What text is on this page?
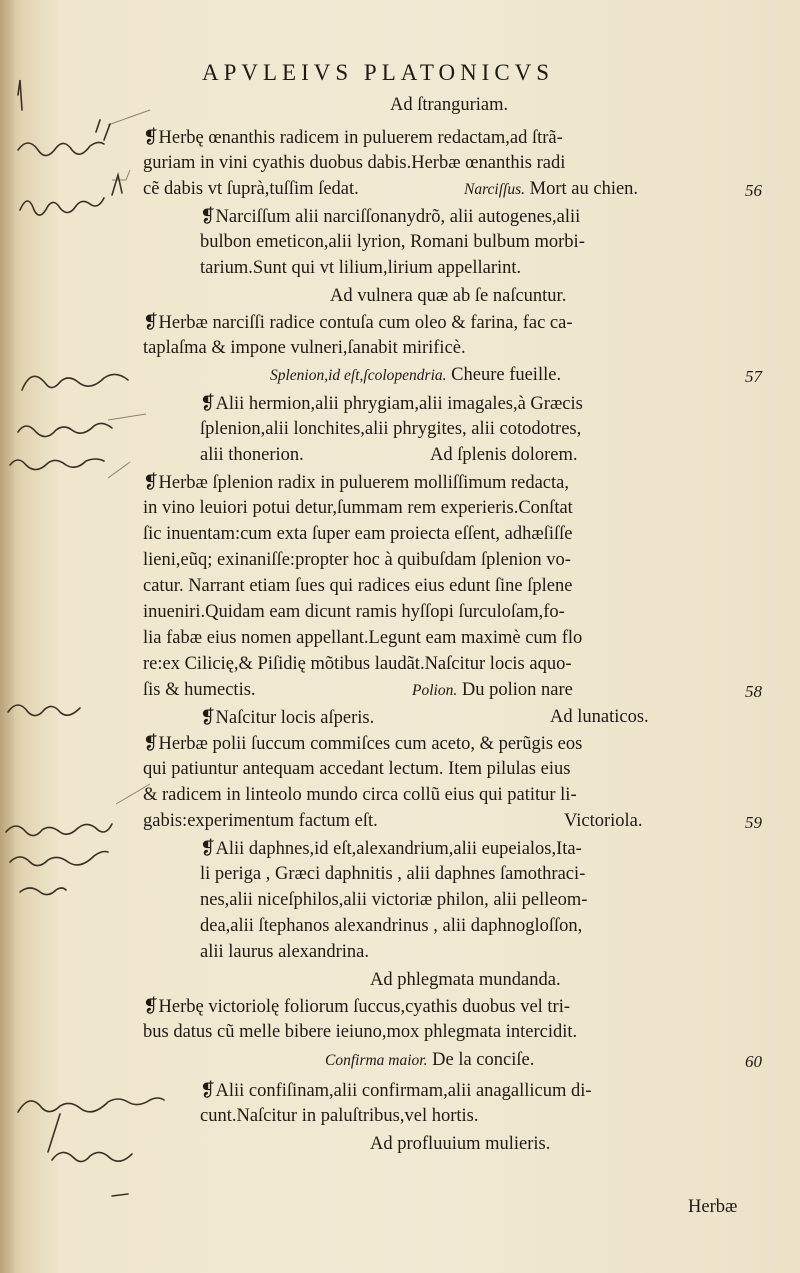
APVLEIVS PLATONICVS
Ad ſtranguriam.
❡Herbę œnanthis radicem in puluerem redactam,ad ſtrã-
guriam in vini cyathis duobus dabis.Herbæ œnanthis radi
cẽ dabis vt ſuprà,tuſſim ſedat.
❡Narciſſum alii narciſſonanydrõ, alii autogenes,alii
bulbon emeticon,alii lyrion, Romani bulbum morbi-
tarium.Sunt qui vt lilium,lirium appellarint.
Ad vulnera quæ ab ſe naſcuntur.
❡Herbæ narciſſi radice contuſa cum oleo & farina, fac ca-
taplaſma & impone vulneri,ſanabit mirificè.
❡Alii hermion,alii phrygiam,alii imagales,à Græcis
ſplenion,alii lonchites,alii phrygites, alii cotodotres,
alii thonerion.	Ad ſplenis dolorem.
❡Herbæ ſplenion radix in puluerem molliſſimum redacta,
in vino leuiori potui detur,ſummam rem experieris.Conſtat
ſic inuentam:cum exta ſuper eam proiecta eſſent, adhæſiſſe
lieni,eũq; exinaniſſe:propter hoc à quibuſdam ſplenion vo-
catur. Narrant etiam ſues qui radices eius edunt ſine ſplene
inueniri.Quidam eam dicunt ramis hyſſopi ſurculoſam,fo-
lia fabæ eius nomen appellant.Legunt eam maximè cum flo
re:ex Cilicię,& Piſidię mõtibus laudãt.Naſcitur locis aquo-
ſis & humectis.
❡Naſcitur locis aſperis.	Ad lunaticos.
❡Herbæ polii ſuccum commiſces cum aceto, & perũgis eos
qui patiuntur antequam accedant lectum. Item pilulas eius
& radicem in linteolo mundo circa collũ eius qui patitur li-
gabis:experimentum factum eſt.
❡Alii daphnes,id eſt,alexandrium,alii eupeialos,Ita-
li periga , Græci daphnitis , alii daphnes ſamothraci-
nes,alii niceſphilos,alii victoriæ philon, alii pelleom-
dea,alii ſtephanos alexandrinus , alii daphnogloſſon,
alii laurus alexandrina.
Ad phlegmata mundanda.
❡Herbę victoriolę foliorum ſuccus,cyathis duobus vel tri-
bus datus cũ melle bibere ieiuno,mox phlegmata intercidit.
❡Alii confiſinam,alii confirmam,alii anagallicum di-
cunt.Naſcitur in paluſtribus,vel hortis.
Ad profluuium mulieris.
Narciſſus. Mort au chien.
Splenion,id eſt,ſcolopendria. Cheure fueille.
Polion. Du polion nare
Victoriola.
Confirma maior. De la conciſe.
56
57
58
59
60
Herbæ
